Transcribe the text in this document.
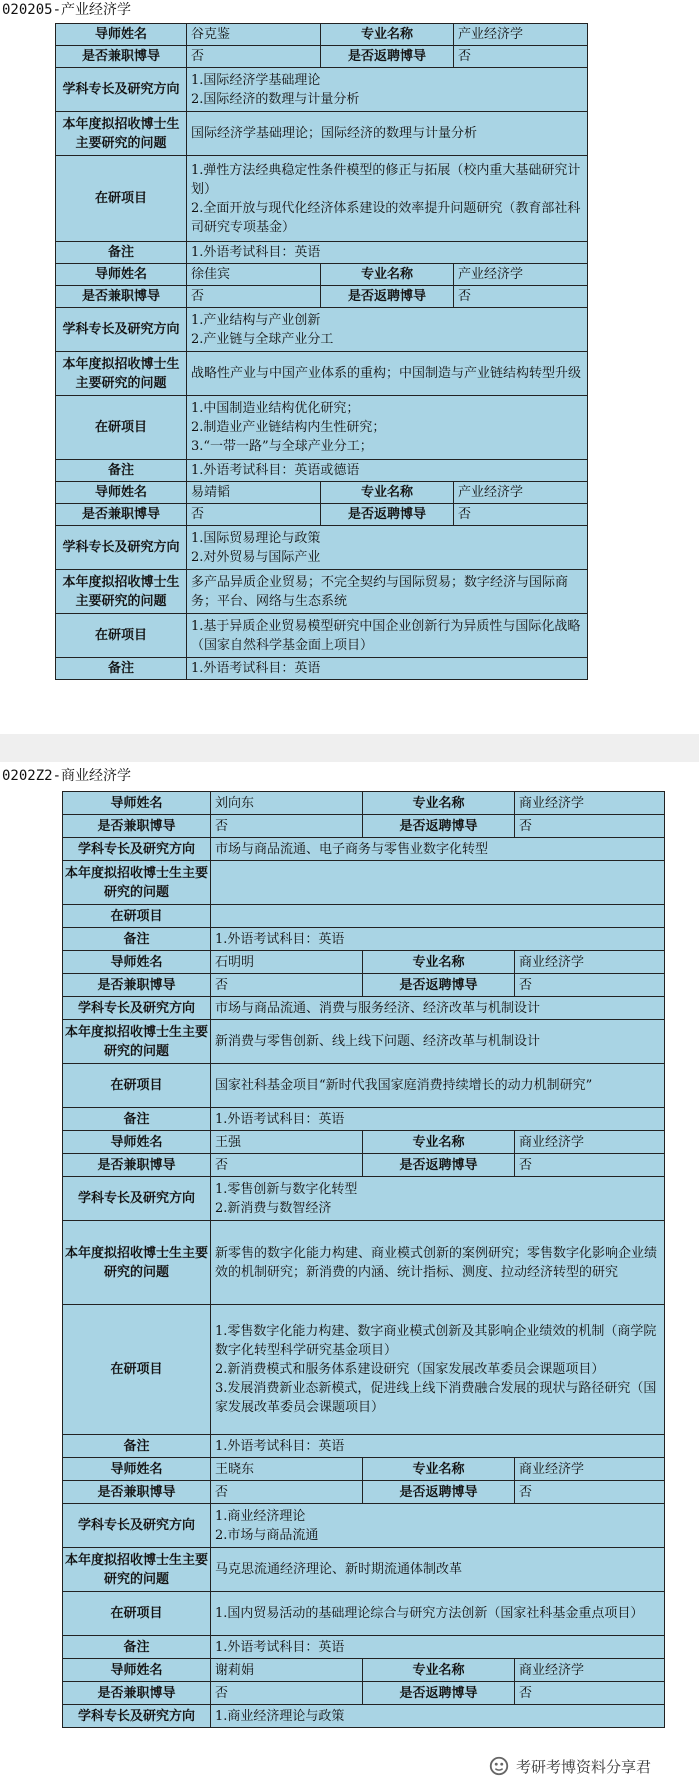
020205-产业经济学
导师姓名	谷克鉴	专业名称	产业经济学
是否兼职博导	否	是否返聘博导	否
学科专长及研究方向	1.国际经济学基础理论
2.国际经济的数理与计量分析		

本年度拟招收博士生主要研究的问题	国际经济学基础理论；国际经济的数理与计量分析		
在研项目	1.弹性方法经典稳定性条件模型的修正与拓展（校内重大基础研究计划）
2.全面开放与现代化经济体系建设的效率提升问题研究（教育部社科司研究专项基金）		

备注	1.外语考试科目：英语		
导师姓名	徐佳宾	专业名称	产业经济学
是否兼职博导	否	是否返聘博导	否
学科专长及研究方向	1.产业结构与产业创新
2.产业链与全球产业分工		

本年度拟招收博士生主要研究的问题	战略性产业与中国产业体系的重构；中国制造与产业链结构转型升级		
在研项目	1.中国制造业结构优化研究；
2.制造业产业链结构内生性研究；
3.“一带一路”与全球产业分工；		

备注	1.外语考试科目：英语或德语		
导师姓名	易靖韬	专业名称	产业经济学
是否兼职博导	否	是否返聘博导	否
学科专长及研究方向	1.国际贸易理论与政策
2.对外贸易与国际产业		

本年度拟招收博士生主要研究的问题	多产品异质企业贸易；不完全契约与国际贸易；数字经济与国际商务；平台、网络与生态系统		
在研项目	1.基于异质企业贸易模型研究中国企业创新行为异质性与国际化战略（国家自然科学基金面上项目）		

备注	1.外语考试科目：英语		
0202Z2-商业经济学
导师姓名	刘向东	专业名称	商业经济学
是否兼职博导	否	是否返聘博导	否
学科专长及研究方向	市场与商品流通、电子商务与零售业数字化转型		
本年度拟招收博士生主要研究的问题			
在研项目			
备注	1.外语考试科目：英语		
导师姓名	石明明	专业名称	商业经济学
是否兼职博导	否	是否返聘博导	否
学科专长及研究方向	市场与商品流通、消费与服务经济、经济改革与机制设计		
本年度拟招收博士生主要研究的问题	新消费与零售创新、线上线下问题、经济改革与机制设计		
在研项目	国家社科基金项目“新时代我国家庭消费持续增长的动力机制研究”		
备注	1.外语考试科目：英语		
导师姓名	王强	专业名称	商业经济学
是否兼职博导	否	是否返聘博导	否
学科专长及研究方向	1.零售创新与数字化转型
2.新消费与数智经济		

本年度拟招收博士生主要研究的问题	新零售的数字化能力构建、商业模式创新的案例研究；零售数字化影响企业绩效的机制研究；新消费的内涵、统计指标、测度、拉动经济转型的研究		
在研项目	1.零售数字化能力构建、数字商业模式创新及其影响企业绩效的机制（商学院数字化转型科学研究基金项目）
2.新消费模式和服务体系建设研究（国家发展改革委员会课题项目）
3.发展消费新业态新模式，促进线上线下消费融合发展的现状与路径研究（国家发展改革委员会课题项目）		

备注	1.外语考试科目：英语		
导师姓名	王晓东	专业名称	商业经济学
是否兼职博导	否	是否返聘博导	否
学科专长及研究方向	1.商业经济理论
2.市场与商品流通		

本年度拟招收博士生主要研究的问题	马克思流通经济理论、新时期流通体制改革		
在研项目	1.国内贸易活动的基础理论综合与研究方法创新（国家社科基金重点项目）		
备注	1.外语考试科目：英语		
导师姓名	谢莉娟	专业名称	商业经济学
是否兼职博导	否	是否返聘博导	否
学科专长及研究方向	1.商业经济理论与政策		
考研考博资料分享君
